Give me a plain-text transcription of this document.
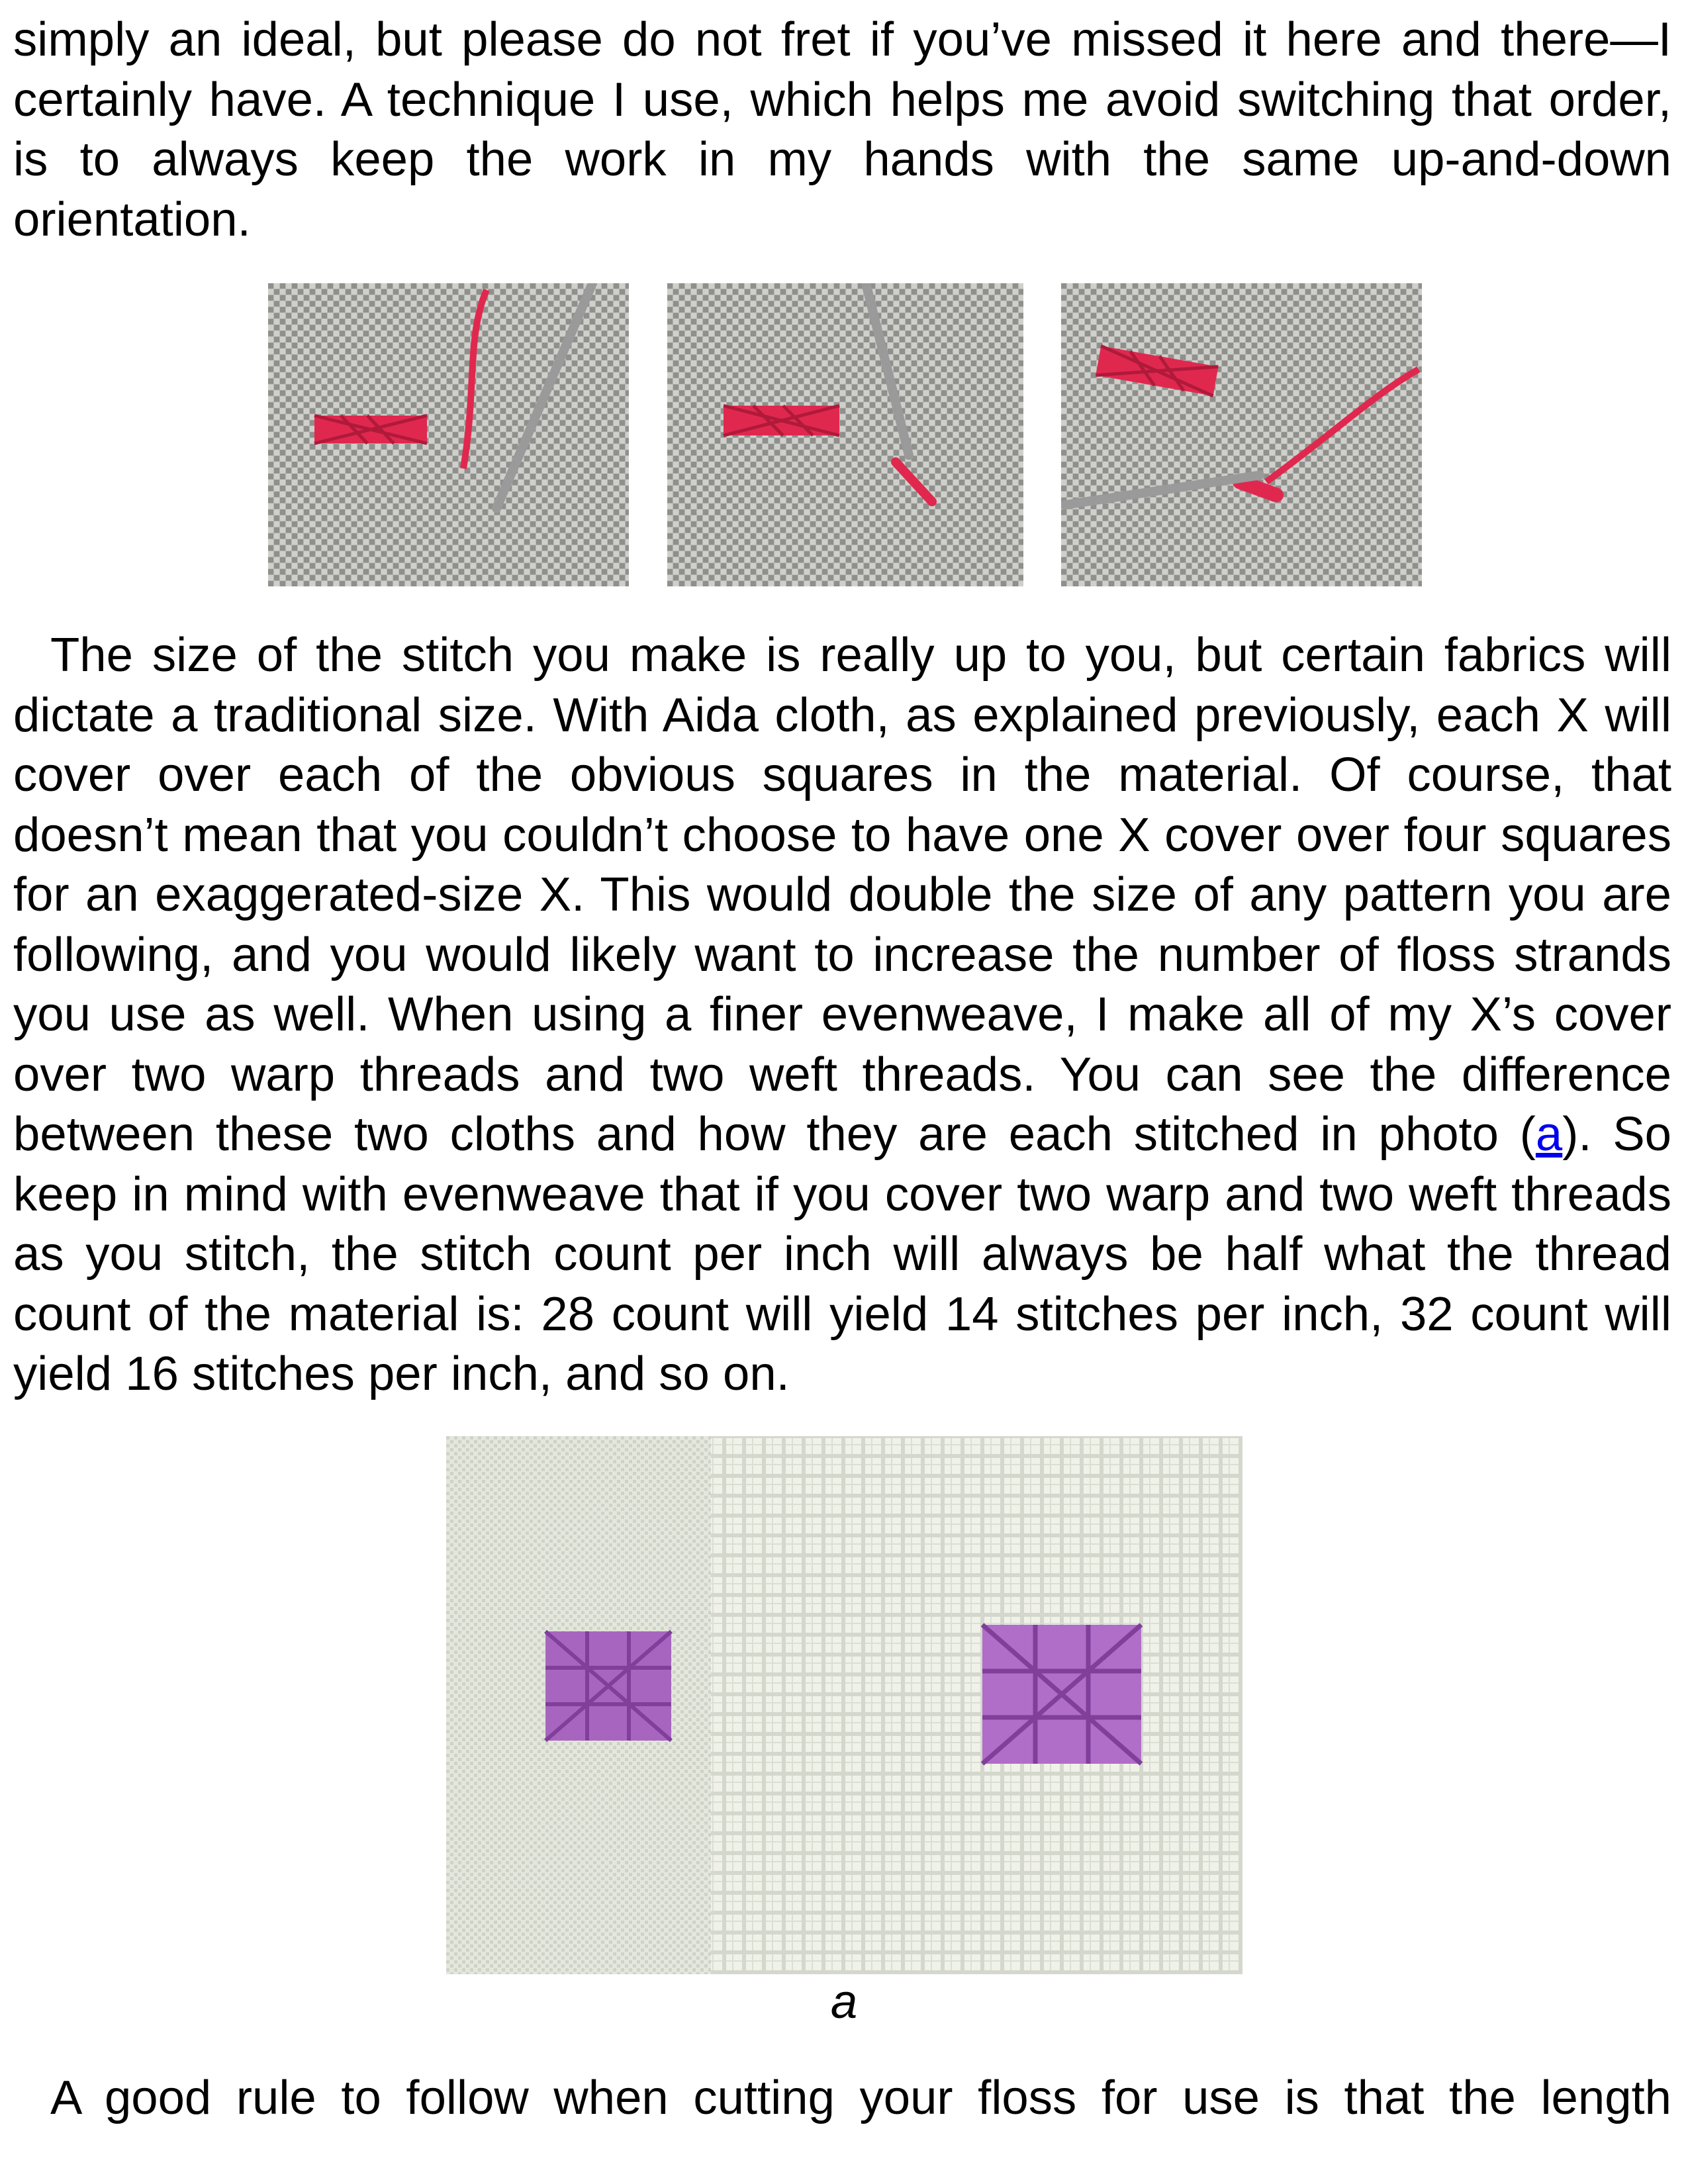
simply an ideal, but please do not fret if you’ve missed it here and there—I certainly have. A technique I use, which helps me avoid switching that order, is to always keep the work in my hands with the same up-and-down orientation.

The size of the stitch you make is really up to you, but certain fabrics will dictate a traditional size. With Aida cloth, as explained previously, each X will cover over each of the obvious squares in the material. Of course, that doesn’t mean that you couldn’t choose to have one X cover over four squares for an exaggerated-size X. This would double the size of any pattern you are following, and you would likely want to increase the number of floss strands you use as well. When using a finer evenweave, I make all of my X’s cover over two warp threads and two weft threads. You can see the difference between these two cloths and how they are each stitched in photo (a). So keep in mind with evenweave that if you cover two warp and two weft threads as you stitch, the stitch count per inch will always be half what the thread count of the material is: 28 count will yield 14 stitches per inch, 32 count will yield 16 stitches per inch, and so on.

A good rule to follow when cutting your floss for use is that the length

a
